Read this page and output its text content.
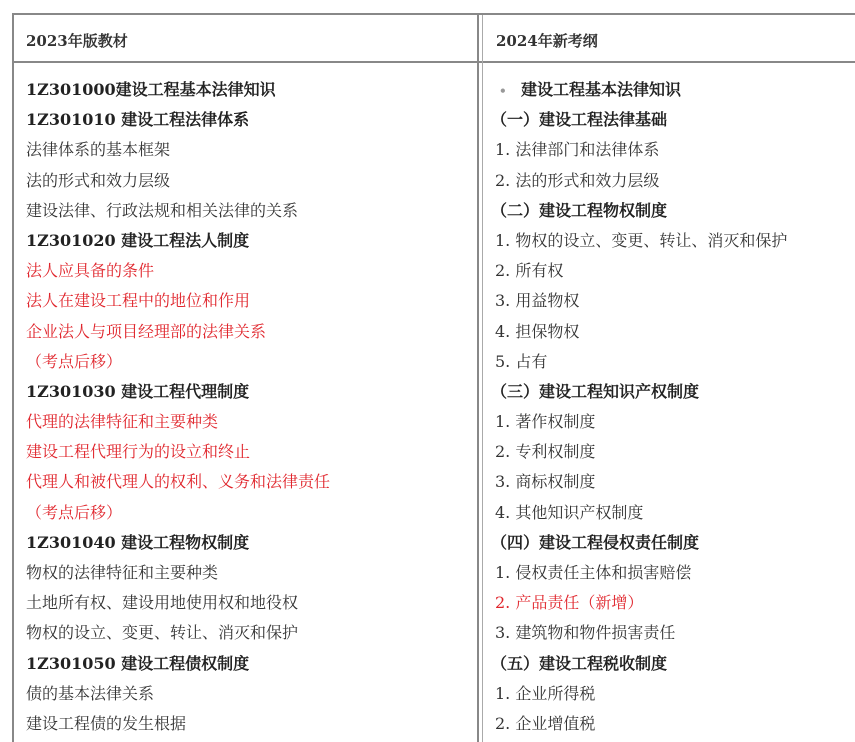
2023年版教材	2024年新考纲
1Z301000建设工程基本法律知识
1Z301010 建设工程法律体系
法律体系的基本框架
法的形式和效力层级
建设法律、行政法规和相关法律的关系
1Z301020 建设工程法人制度
法人应具备的条件
法人在建设工程中的地位和作用
企业法人与项目经理部的法律关系
（考点后移）
1Z301030 建设工程代理制度
代理的法律特征和主要种类
建设工程代理行为的设立和终止
代理人和被代理人的权利、义务和法律责任
（考点后移）
1Z301040 建设工程物权制度
物权的法律特征和主要种类
土地所有权、建设用地使用权和地役权
物权的设立、变更、转让、消灭和保护
1Z301050 建设工程债权制度
债的基本法律关系
建设工程债的发生根据
• 建设工程基本法律知识
（一）建设工程法律基础
1. 法律部门和法律体系
2. 法的形式和效力层级
（二）建设工程物权制度
1. 物权的设立、变更、转让、消灭和保护
2. 所有权
3. 用益物权
4. 担保物权
5. 占有
（三）建设工程知识产权制度
1. 著作权制度
2. 专利权制度
3. 商标权制度
4. 其他知识产权制度
（四）建设工程侵权责任制度
1. 侵权责任主体和损害赔偿
2. 产品责任（新增）
3. 建筑物和物件损害责任
（五）建设工程税收制度
1. 企业所得税
2. 企业增值税
